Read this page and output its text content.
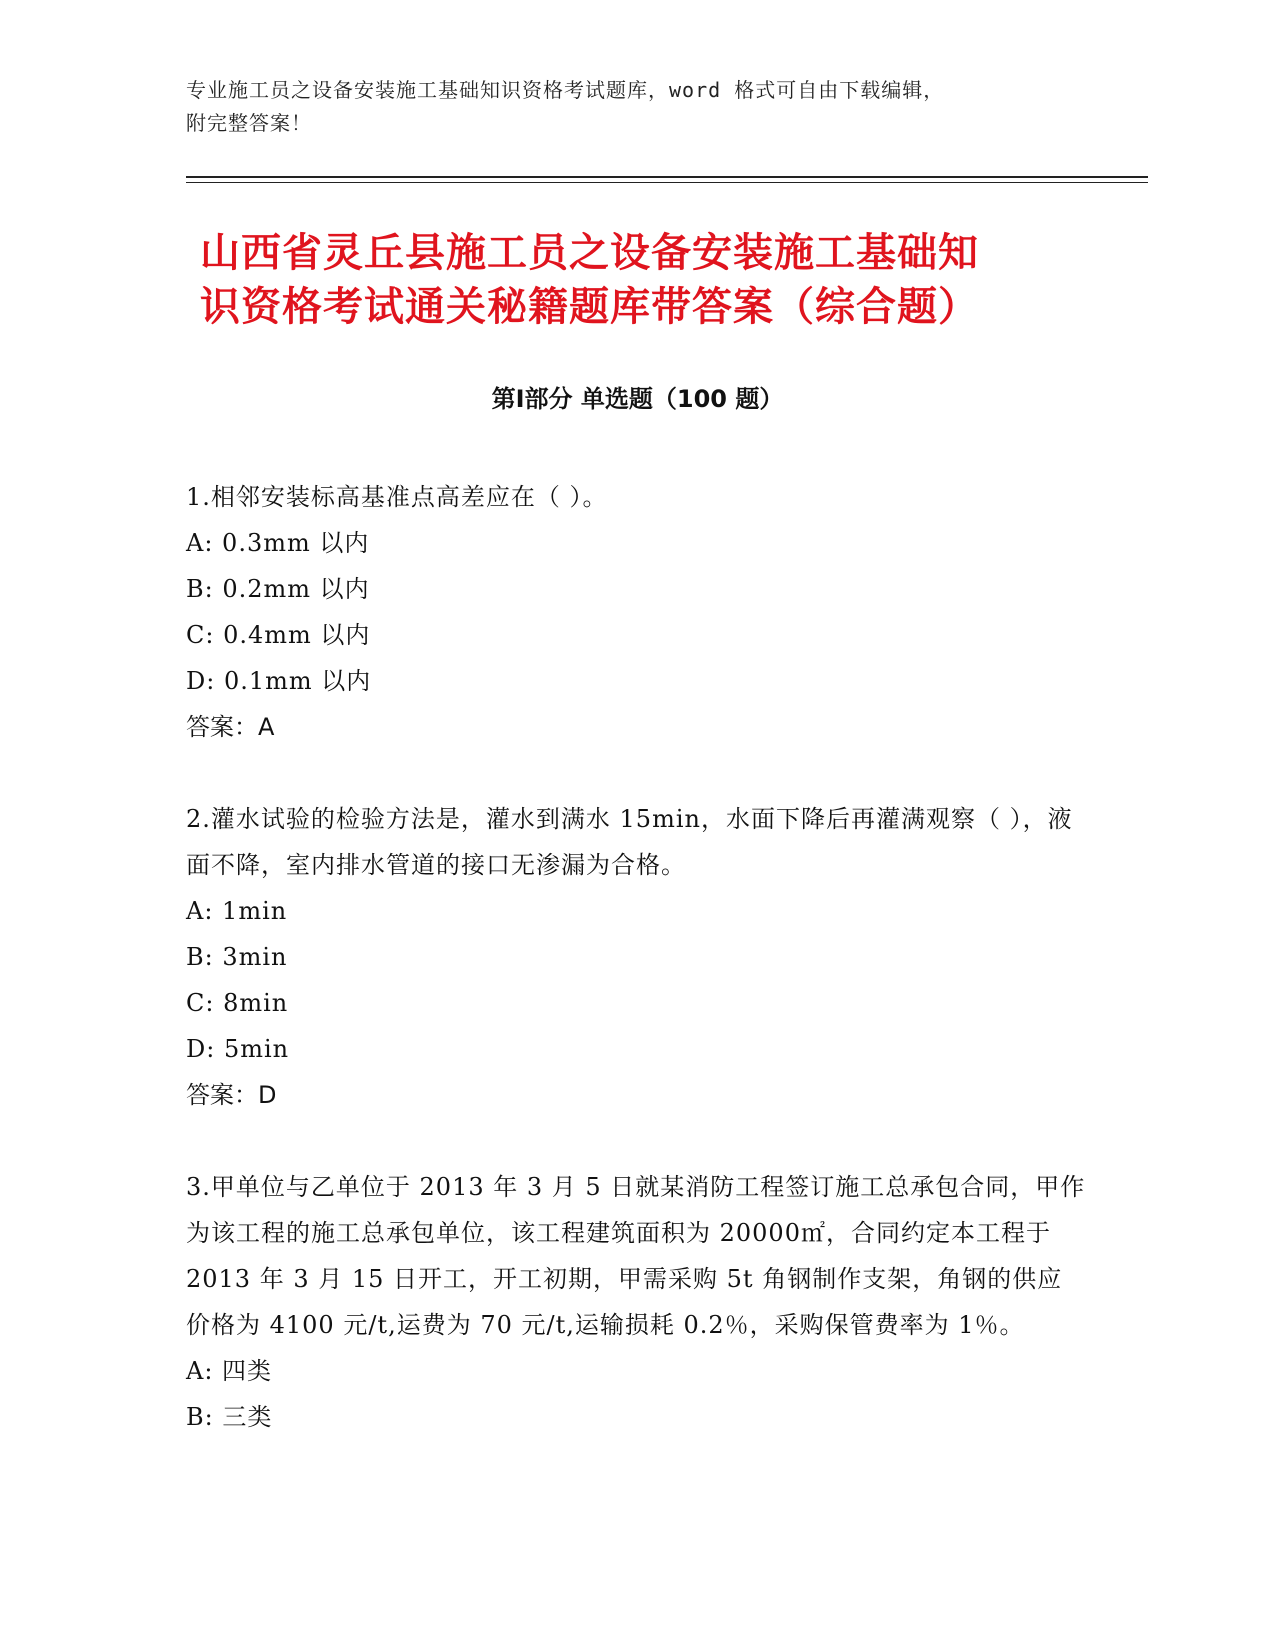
专业施工员之设备安装施工基础知识资格考试题库，word 格式可自由下载编辑，
附完整答案！
山西省灵丘县施工员之设备安装施工基础知
识资格考试通关秘籍题库带答案（综合题）
第Ⅰ部分 单选题（100 题）

1.相邻安装标高基准点高差应在（ ）。

A: 0.3mm 以内

B: 0.2mm 以内

C: 0.4mm 以内

D: 0.1mm 以内

答案：A

2.灌水试验的检验方法是，灌水到满水 15min，水面下降后再灌满观察（ ），液面不降，室内排水管道的接口无渗漏为合格。

A: 1min

B: 3min

C: 8min

D: 5min

答案：D

3.甲单位与乙单位于 2013 年 3 月 5 日就某消防工程签订施工总承包合同，甲作为该工程的施工总承包单位，该工程建筑面积为 20000㎡，合同约定本工程于 2013 年 3 月 15 日开工，开工初期，甲需采购 5t 角钢制作支架，角钢的供应价格为 4100 元/t,运费为 70 元/t,运输损耗 0.2％，采购保管费率为 1％。

A: 四类

B: 三类
